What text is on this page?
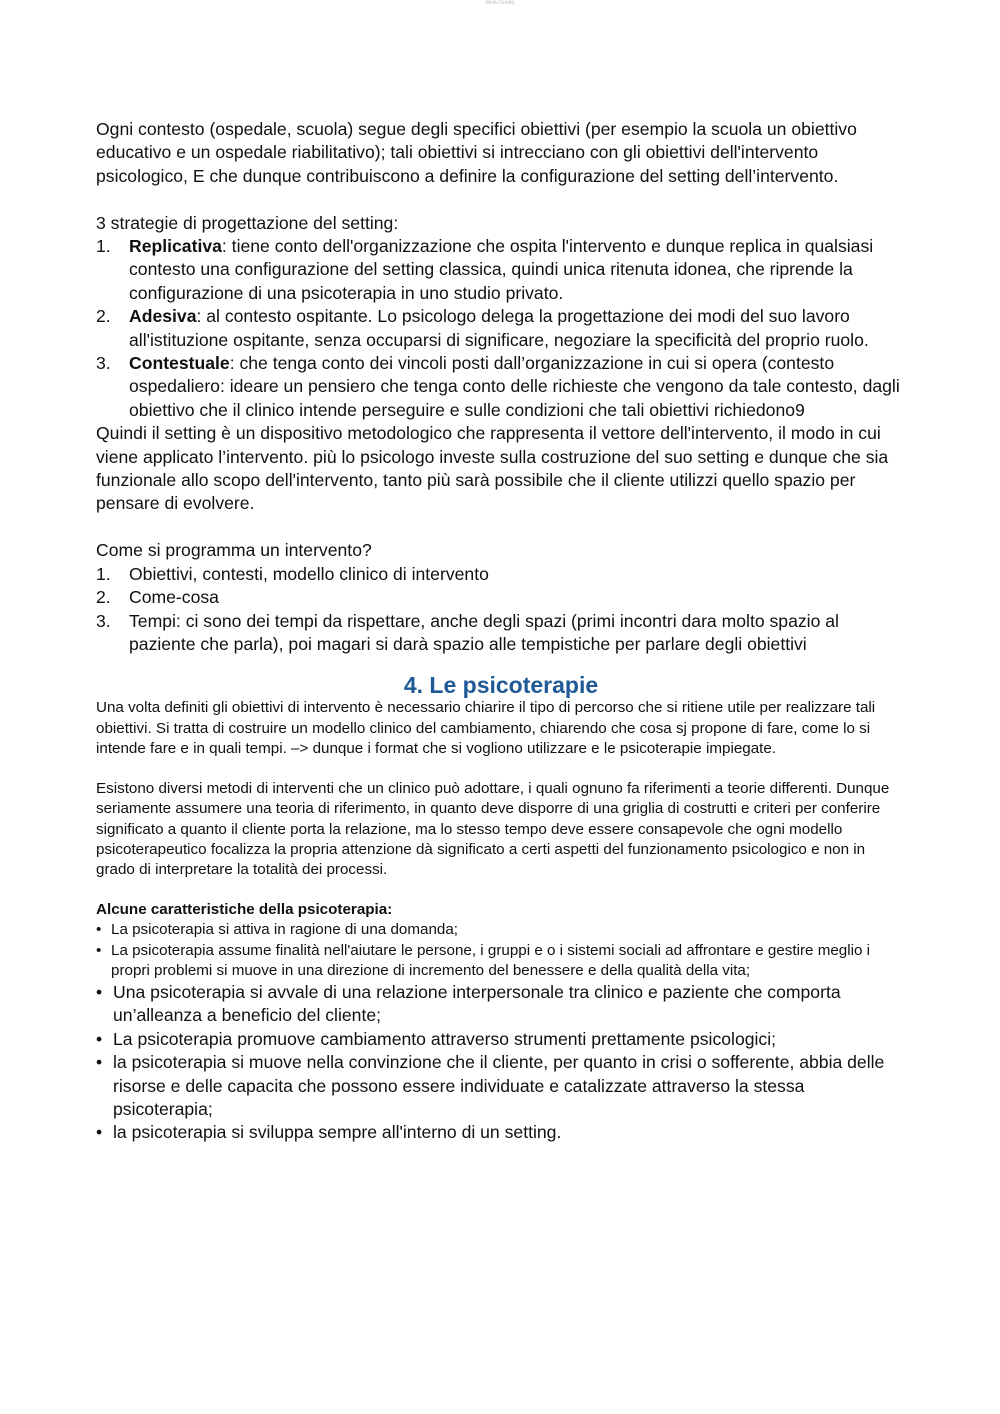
Metà (Smith)

Ogni contesto (ospedale, scuola) segue degli specifici obiettivi (per esempio la scuola un obiettivo educativo e un ospedale riabilitativo); tali obiettivi si intrecciano con gli obiettivi dell'intervento psicologico, E che dunque contribuiscono a definire la configurazione del setting dell’intervento.

3 strategie di progettazione del setting:

1. Replicativa: tiene conto dell'organizzazione che ospita l'intervento e dunque replica in qualsiasi contesto una configurazione del setting classica, quindi unica ritenuta idonea, che riprende la configurazione di una psicoterapia in uno studio privato.
2. Adesiva: al contesto ospitante. Lo psicologo delega la progettazione dei modi del suo lavoro all'istituzione ospitante, senza occuparsi di significare, negoziare la specificità del proprio ruolo.
3. Contestuale: che tenga conto dei vincoli posti dall’organizzazione in cui si opera (contesto ospedaliero: ideare un pensiero che tenga conto delle richieste che vengono da tale contesto, dagli obiettivo che il clinico intende perseguire e sulle condizioni che tali obiettivi richiedono9

Quindi il setting è un dispositivo metodologico che rappresenta il vettore dell'intervento, il modo in cui viene applicato l’intervento. più lo psicologo investe sulla costruzione del suo setting e dunque che sia funzionale allo scopo dell'intervento, tanto più sarà possibile che il cliente utilizzi quello spazio per pensare di evolvere.

Come si programma un intervento?

1. Obiettivi, contesti, modello clinico di intervento
2. Come-cosa
3. Tempi: ci sono dei tempi da rispettare, anche degli spazi (primi incontri dara molto spazio al paziente che parla), poi magari si darà spazio alle tempistiche per parlare degli obiettivi
4. Le psicoterapie

Una volta definiti gli obiettivi di intervento è necessario chiarire il tipo di percorso che si ritiene utile per realizzare tali obiettivi. Si tratta di costruire un modello clinico del cambiamento, chiarendo che cosa sj propone di fare, come lo si intende fare e in quali tempi. –> dunque i format che si vogliono utilizzare e le psicoterapie impiegate.

Esistono diversi metodi di interventi che un clinico può adottare, i quali ognuno fa riferimenti a teorie differenti. Dunque seriamente assumere una teoria di riferimento, in quanto deve disporre di una griglia di costrutti e criteri per conferire significato a quanto il cliente porta la relazione, ma lo stesso tempo deve essere consapevole che ogni modello psicoterapeutico focalizza la propria attenzione dà significato a certi aspetti del funzionamento psicologico e non in grado di interpretare la totalità dei processi.

Alcune caratteristiche della psicoterapia:

• La psicoterapia si attiva in ragione di una domanda;
• La psicoterapia assume finalità nell'aiutare le persone, i gruppi e o i sistemi sociali ad affrontare e gestire meglio i propri problemi si muove in una direzione di incremento del benessere e della qualità della vita;
• Una psicoterapia si avvale di una relazione interpersonale tra clinico e paziente che comporta un’alleanza a beneficio del cliente;
• La psicoterapia promuove cambiamento attraverso strumenti prettamente psicologici;
• la psicoterapia si muove nella convinzione che il cliente, per quanto in crisi o sofferente, abbia delle risorse e delle capacita che possono essere individuate e catalizzate attraverso la stessa psicoterapia;
• la psicoterapia si sviluppa sempre all'interno di un setting.
